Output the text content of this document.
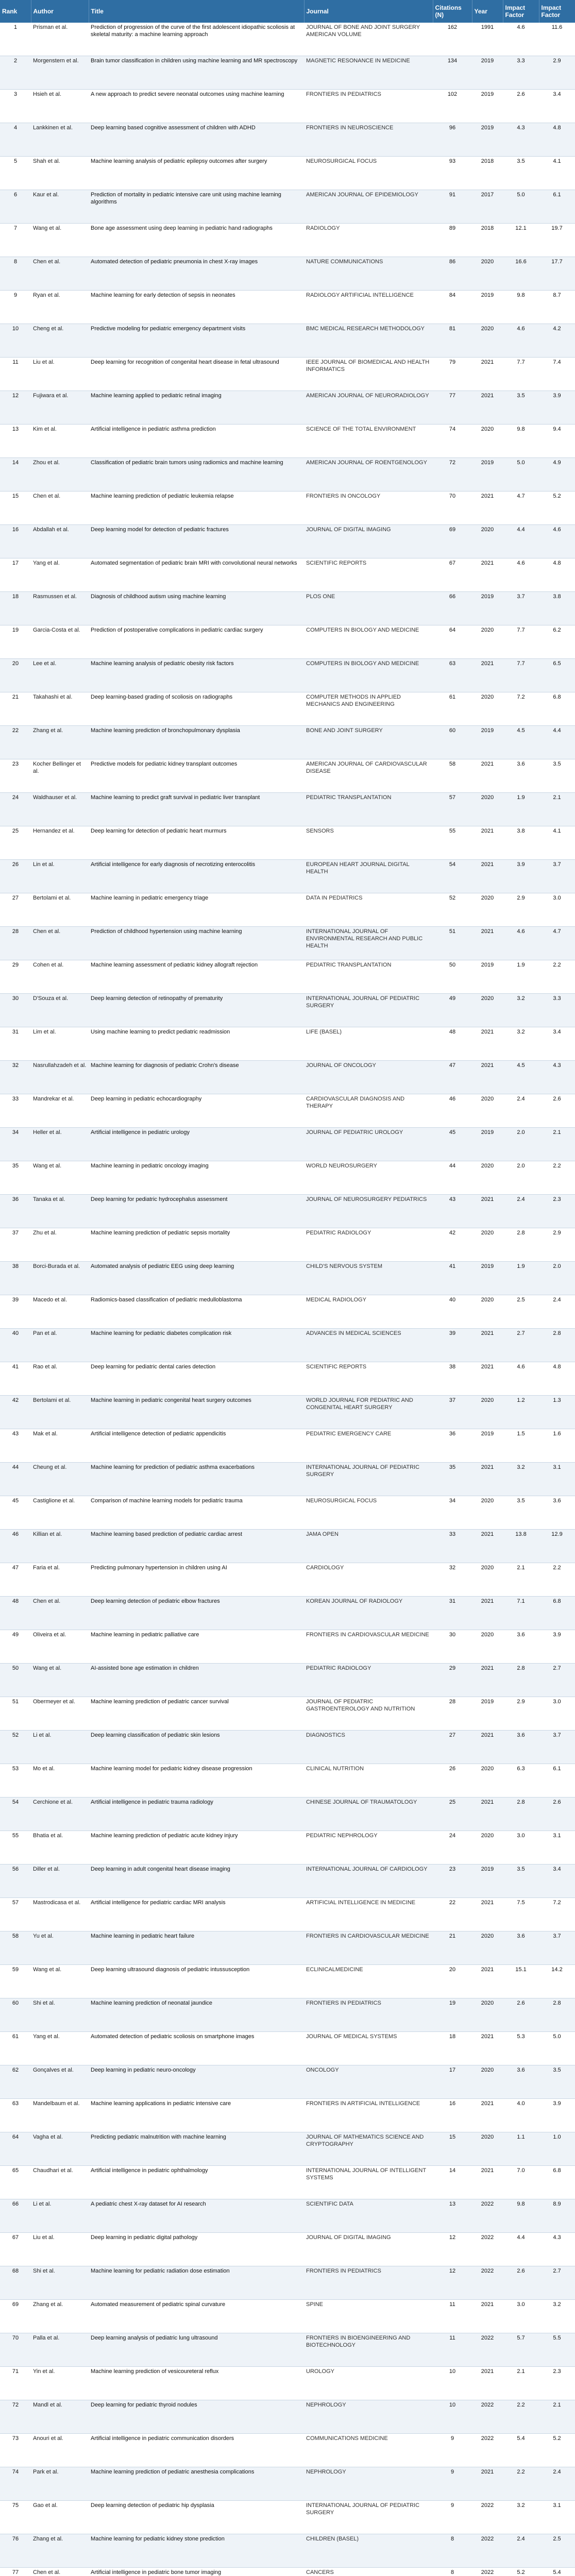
Rank	Author	Title	Journal	Citations (N)	Year	Impact Factor	Impact Factor
1	Prisman et al.	Prediction of progression of the curve of the first adolescent idiopathic scoliosis at skeletal maturity: a machine learning approach	JOURNAL OF BONE AND JOINT SURGERY AMERICAN VOLUME	162	1991	4.6	11.6
2	Morgenstern et al.	Brain tumor classification in children using machine learning and MR spectroscopy	MAGNETIC RESONANCE IN MEDICINE	134	2019	3.3	2.9
3	Hsieh et al.	A new approach to predict severe neonatal outcomes using machine learning	FRONTIERS IN PEDIATRICS	102	2019	2.6	3.4
4	Lankkinen et al.	Deep learning based cognitive assessment of children with ADHD	FRONTIERS IN NEUROSCIENCE	96	2019	4.3	4.8
5	Shah et al.	Machine learning analysis of pediatric epilepsy outcomes after surgery	NEUROSURGICAL FOCUS	93	2018	3.5	4.1
6	Kaur et al.	Prediction of mortality in pediatric intensive care unit using machine learning algorithms	AMERICAN JOURNAL OF EPIDEMIOLOGY	91	2017	5.0	6.1
7	Wang et al.	Bone age assessment using deep learning in pediatric hand radiographs	RADIOLOGY	89	2018	12.1	19.7
8	Chen et al.	Automated detection of pediatric pneumonia in chest X-ray images	NATURE COMMUNICATIONS	86	2020	16.6	17.7
9	Ryan et al.	Machine learning for early detection of sepsis in neonates	RADIOLOGY ARTIFICIAL INTELLIGENCE	84	2019	9.8	8.7
10	Cheng et al.	Predictive modeling for pediatric emergency department visits	BMC MEDICAL RESEARCH METHODOLOGY	81	2020	4.6	4.2
11	Liu et al.	Deep learning for recognition of congenital heart disease in fetal ultrasound	IEEE JOURNAL OF BIOMEDICAL AND HEALTH INFORMATICS	79	2021	7.7	7.4
12	Fujiwara et al.	Machine learning applied to pediatric retinal imaging	AMERICAN JOURNAL OF NEURORADIOLOGY	77	2021	3.5	3.9
13	Kim et al.	Artificial intelligence in pediatric asthma prediction	SCIENCE OF THE TOTAL ENVIRONMENT	74	2020	9.8	9.4
14	Zhou et al.	Classification of pediatric brain tumors using radiomics and machine learning	AMERICAN JOURNAL OF ROENTGENOLOGY	72	2019	5.0	4.9
15	Chen et al.	Machine learning prediction of pediatric leukemia relapse	FRONTIERS IN ONCOLOGY	70	2021	4.7	5.2
16	Abdallah et al.	Deep learning model for detection of pediatric fractures	JOURNAL OF DIGITAL IMAGING	69	2020	4.4	4.6
17	Yang et al.	Automated segmentation of pediatric brain MRI with convolutional neural networks	SCIENTIFIC REPORTS	67	2021	4.6	4.8
18	Rasmussen et al.	Diagnosis of childhood autism using machine learning	PLOS ONE	66	2019	3.7	3.8
19	Garcia-Costa et al.	Prediction of postoperative complications in pediatric cardiac surgery	COMPUTERS IN BIOLOGY AND MEDICINE	64	2020	7.7	6.2
20	Lee et al.	Machine learning analysis of pediatric obesity risk factors	COMPUTERS IN BIOLOGY AND MEDICINE	63	2021	7.7	6.5
21	Takahashi et al.	Deep learning-based grading of scoliosis on radiographs	COMPUTER METHODS IN APPLIED MECHANICS AND ENGINEERING	61	2020	7.2	6.8
22	Zhang et al.	Machine learning prediction of bronchopulmonary dysplasia	BONE AND JOINT SURGERY	60	2019	4.5	4.4
23	Kocher Bellinger et al.	Predictive models for pediatric kidney transplant outcomes	AMERICAN JOURNAL OF CARDIOVASCULAR DISEASE	58	2021	3.6	3.5
24	Waldhauser et al.	Machine learning to predict graft survival in pediatric liver transplant	PEDIATRIC TRANSPLANTATION	57	2020	1.9	2.1
25	Hernandez et al.	Deep learning for detection of pediatric heart murmurs	SENSORS	55	2021	3.8	4.1
26	Lin et al.	Artificial intelligence for early diagnosis of necrotizing enterocolitis	EUROPEAN HEART JOURNAL DIGITAL HEALTH	54	2021	3.9	3.7
27	Bertolami et al.	Machine learning in pediatric emergency triage	DATA IN PEDIATRICS	52	2020	2.9	3.0
28	Chen et al.	Prediction of childhood hypertension using machine learning	INTERNATIONAL JOURNAL OF ENVIRONMENTAL RESEARCH AND PUBLIC HEALTH	51	2021	4.6	4.7
29	Cohen et al.	Machine learning assessment of pediatric kidney allograft rejection	PEDIATRIC TRANSPLANTATION	50	2019	1.9	2.2
30	D'Souza et al.	Deep learning detection of retinopathy of prematurity	INTERNATIONAL JOURNAL OF PEDIATRIC SURGERY	49	2020	3.2	3.3
31	Lim et al.	Using machine learning to predict pediatric readmission	LIFE (BASEL)	48	2021	3.2	3.4
32	Nasrullahzadeh et al.	Machine learning for diagnosis of pediatric Crohn's disease	JOURNAL OF ONCOLOGY	47	2021	4.5	4.3
33	Mandrekar et al.	Deep learning in pediatric echocardiography	CARDIOVASCULAR DIAGNOSIS AND THERAPY	46	2020	2.4	2.6
34	Heller et al.	Artificial intelligence in pediatric urology	JOURNAL OF PEDIATRIC UROLOGY	45	2019	2.0	2.1
35	Wang et al.	Machine learning in pediatric oncology imaging	WORLD NEUROSURGERY	44	2020	2.0	2.2
36	Tanaka et al.	Deep learning for pediatric hydrocephalus assessment	JOURNAL OF NEUROSURGERY PEDIATRICS	43	2021	2.4	2.3
37	Zhu et al.	Machine learning prediction of pediatric sepsis mortality	PEDIATRIC RADIOLOGY	42	2020	2.8	2.9
38	Borci-Burada et al.	Automated analysis of pediatric EEG using deep learning	CHILD'S NERVOUS SYSTEM	41	2019	1.9	2.0
39	Macedo et al.	Radiomics-based classification of pediatric medulloblastoma	MEDICAL RADIOLOGY	40	2020	2.5	2.4
40	Pan et al.	Machine learning for pediatric diabetes complication risk	ADVANCES IN MEDICAL SCIENCES	39	2021	2.7	2.8
41	Rao et al.	Deep learning for pediatric dental caries detection	SCIENTIFIC REPORTS	38	2021	4.6	4.8
42	Bertolami et al.	Machine learning in pediatric congenital heart surgery outcomes	WORLD JOURNAL FOR PEDIATRIC AND CONGENITAL HEART SURGERY	37	2020	1.2	1.3
43	Mak et al.	Artificial intelligence detection of pediatric appendicitis	PEDIATRIC EMERGENCY CARE	36	2019	1.5	1.6
44	Cheung et al.	Machine learning for prediction of pediatric asthma exacerbations	INTERNATIONAL JOURNAL OF PEDIATRIC SURGERY	35	2021	3.2	3.1
45	Castiglione et al.	Comparison of machine learning models for pediatric trauma	NEUROSURGICAL FOCUS	34	2020	3.5	3.6
46	Killian et al.	Machine learning based prediction of pediatric cardiac arrest	JAMA OPEN	33	2021	13.8	12.9
47	Faria et al.	Predicting pulmonary hypertension in children using AI	CARDIOLOGY	32	2020	2.1	2.2
48	Chen et al.	Deep learning detection of pediatric elbow fractures	KOREAN JOURNAL OF RADIOLOGY	31	2021	7.1	6.8
49	Oliveira et al.	Machine learning in pediatric palliative care	FRONTIERS IN CARDIOVASCULAR MEDICINE	30	2020	3.6	3.9
50	Wang et al.	AI-assisted bone age estimation in children	PEDIATRIC RADIOLOGY	29	2021	2.8	2.7
51	Obermeyer et al.	Machine learning prediction of pediatric cancer survival	JOURNAL OF PEDIATRIC GASTROENTEROLOGY AND NUTRITION	28	2019	2.9	3.0
52	Li et al.	Deep learning classification of pediatric skin lesions	DIAGNOSTICS	27	2021	3.6	3.7
53	Mo et al.	Machine learning model for pediatric kidney disease progression	CLINICAL NUTRITION	26	2020	6.3	6.1
54	Cerchione et al.	Artificial intelligence in pediatric trauma radiology	CHINESE JOURNAL OF TRAUMATOLOGY	25	2021	2.8	2.6
55	Bhatia et al.	Machine learning prediction of pediatric acute kidney injury	PEDIATRIC NEPHROLOGY	24	2020	3.0	3.1
56	Diller et al.	Deep learning in adult congenital heart disease imaging	INTERNATIONAL JOURNAL OF CARDIOLOGY	23	2019	3.5	3.4
57	Mastrodicasa et al.	Artificial intelligence for pediatric cardiac MRI analysis	ARTIFICIAL INTELLIGENCE IN MEDICINE	22	2021	7.5	7.2
58	Yu et al.	Machine learning in pediatric heart failure	FRONTIERS IN CARDIOVASCULAR MEDICINE	21	2020	3.6	3.7
59	Wang et al.	Deep learning ultrasound diagnosis of pediatric intussusception	ECLINICALMEDICINE	20	2021	15.1	14.2
60	Shi et al.	Machine learning prediction of neonatal jaundice	FRONTIERS IN PEDIATRICS	19	2020	2.6	2.8
61	Yang et al.	Automated detection of pediatric scoliosis on smartphone images	JOURNAL OF MEDICAL SYSTEMS	18	2021	5.3	5.0
62	Gonçalves et al.	Deep learning in pediatric neuro-oncology	ONCOLOGY	17	2020	3.6	3.5
63	Mandelbaum et al.	Machine learning applications in pediatric intensive care	FRONTIERS IN ARTIFICIAL INTELLIGENCE	16	2021	4.0	3.9
64	Vagha et al.	Predicting pediatric malnutrition with machine learning	JOURNAL OF MATHEMATICS SCIENCE AND CRYPTOGRAPHY	15	2020	1.1	1.0
65	Chaudhari et al.	Artificial intelligence in pediatric ophthalmology	INTERNATIONAL JOURNAL OF INTELLIGENT SYSTEMS	14	2021	7.0	6.8
66	Li et al.	A pediatric chest X-ray dataset for AI research	SCIENTIFIC DATA	13	2022	9.8	8.9
67	Liu et al.	Deep learning in pediatric digital pathology	JOURNAL OF DIGITAL IMAGING	12	2022	4.4	4.3
68	Shi et al.	Machine learning for pediatric radiation dose estimation	FRONTIERS IN PEDIATRICS	12	2022	2.6	2.7
69	Zhang et al.	Automated measurement of pediatric spinal curvature	SPINE	11	2021	3.0	3.2
70	Palla et al.	Deep learning analysis of pediatric lung ultrasound	FRONTIERS IN BIOENGINEERING AND BIOTECHNOLOGY	11	2022	5.7	5.5
71	Yin et al.	Machine learning prediction of vesicoureteral reflux	UROLOGY	10	2021	2.1	2.3
72	Mandl et al.	Deep learning for pediatric thyroid nodules	NEPHROLOGY	10	2022	2.2	2.1
73	Anouri et al.	Artificial intelligence in pediatric communication disorders	COMMUNICATIONS MEDICINE	9	2022	5.4	5.2
74	Park et al.	Machine learning prediction of pediatric anesthesia complications	NEPHROLOGY	9	2021	2.2	2.4
75	Gao et al.	Deep learning detection of pediatric hip dysplasia	INTERNATIONAL JOURNAL OF PEDIATRIC SURGERY	9	2022	3.2	3.1
76	Zhang et al.	Machine learning for pediatric kidney stone prediction	CHILDREN (BASEL)	8	2022	2.4	2.5
77	Chen et al.	Artificial intelligence in pediatric bone tumor imaging	CANCERS	8	2022	5.2	5.4
